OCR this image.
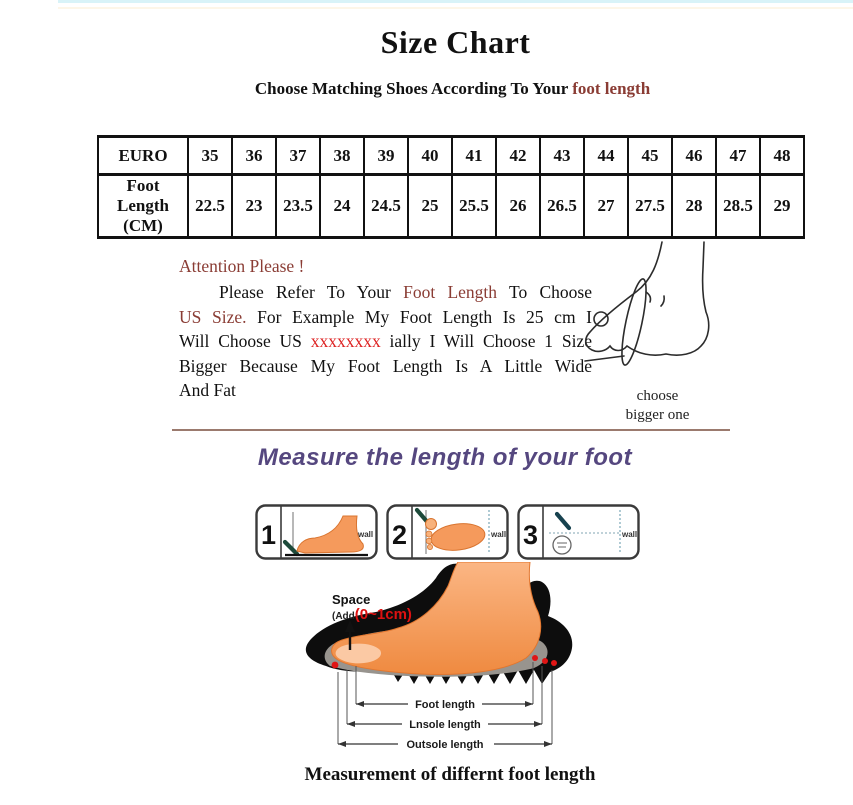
Size Chart
Choose Matching Shoes According To Your foot length
EURO	35	36	37	38	39	40	41	42	43	44	45	46	47	48
Foot Length (CM)	22.5	23	23.5	24	24.5	25	25.5	26	26.5	27	27.5	28	28.5	29
Attention Please !
Please Refer To Your Foot Length To Choose
US Size. For Example My Foot Length Is 25 cm I
Will Choose US xxxxxxxx ially I Will Choose 1 Size
Bigger Because My Foot Length Is A Little Wide
And Fat	choose
bigger one
Measure the length of your foot
1	wall 2	wall 3	wall
Foot length
Lnsole length
Outsole length
Space
(Add(0~1cm)
Measurement of differnt foot length
